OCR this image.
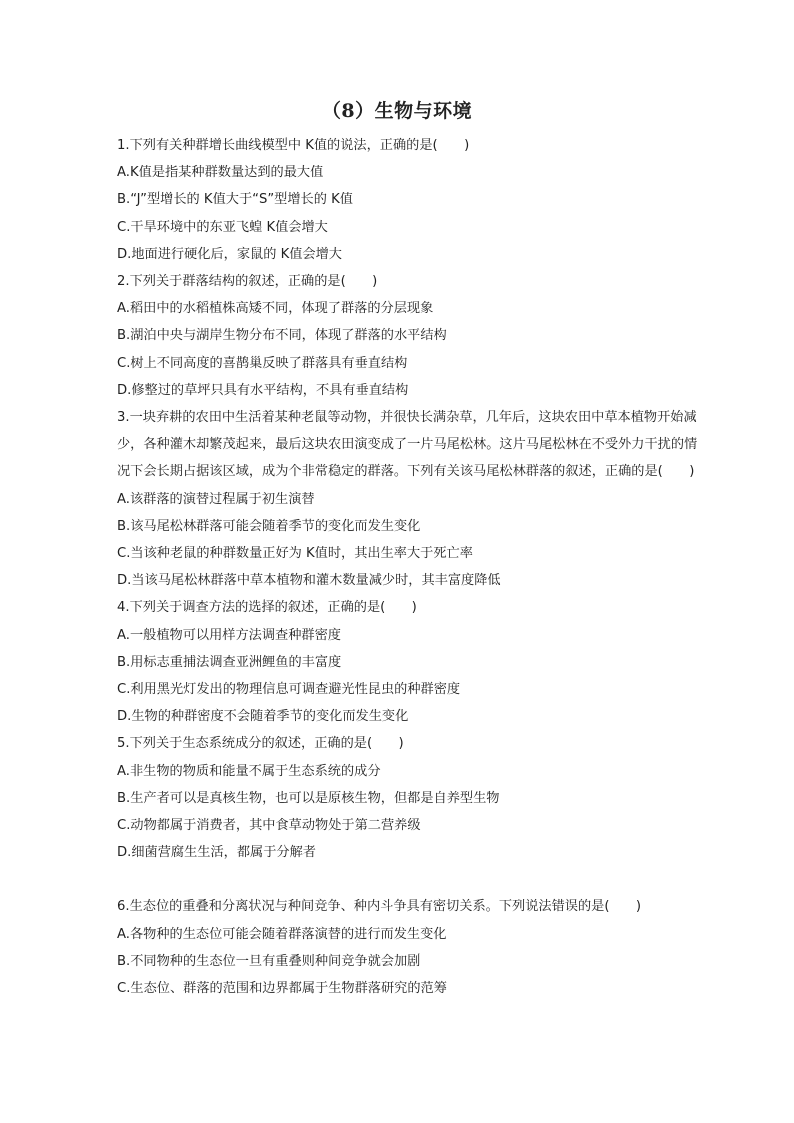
（8）生物与环境
1.下列有关种群增长曲线模型中 K值的说法，正确的是(　　)
A.K值是指某种群数量达到的最大值
B.“J”型增长的 K值大于“S”型增长的 K值
C.干旱环境中的东亚飞蝗 K值会增大
D.地面进行硬化后，家鼠的 K值会增大
2.下列关于群落结构的叙述，正确的是(　　)
A.稻田中的水稻植株高矮不同，体现了群落的分层现象
B.湖泊中央与湖岸生物分布不同，体现了群落的水平结构
C.树上不同高度的喜鹊巢反映了群落具有垂直结构
D.修整过的草坪只具有水平结构，不具有垂直结构
3.一块弃耕的农田中生活着某种老鼠等动物，并很快长满杂草，几年后，这块农田中草本植物开始减少，各种灌木却繁茂起来，最后这块农田演变成了一片马尾松林。这片马尾松林在不受外力干扰的情况下会长期占据该区域，成为个非常稳定的群落。下列有关该马尾松林群落的叙述，正确的是(　　)
A.该群落的演替过程属于初生演替
B.该马尾松林群落可能会随着季节的变化而发生变化
C.当该种老鼠的种群数量正好为 K值时，其出生率大于死亡率
D.当该马尾松林群落中草本植物和灌木数量减少时，其丰富度降低
4.下列关于调查方法的选择的叙述，正确的是(　　)
A.一般植物可以用样方法调查种群密度
B.用标志重捕法调查亚洲鲤鱼的丰富度
C.利用黑光灯发出的物理信息可调查避光性昆虫的种群密度
D.生物的种群密度不会随着季节的变化而发生变化
5.下列关于生态系统成分的叙述，正确的是(　　)
A.非生物的物质和能量不属于生态系统的成分
B.生产者可以是真核生物，也可以是原核生物，但都是自养型生物
C.动物都属于消费者，其中食草动物处于第二营养级
D.细菌营腐生生活，都属于分解者
6.生态位的重叠和分离状况与种间竞争、种内斗争具有密切关系。下列说法错误的是(　　)
A.各物种的生态位可能会随着群落演替的进行而发生变化
B.不同物种的生态位一旦有重叠则种间竞争就会加剧
C.生态位、群落的范围和边界都属于生物群落研究的范筹
